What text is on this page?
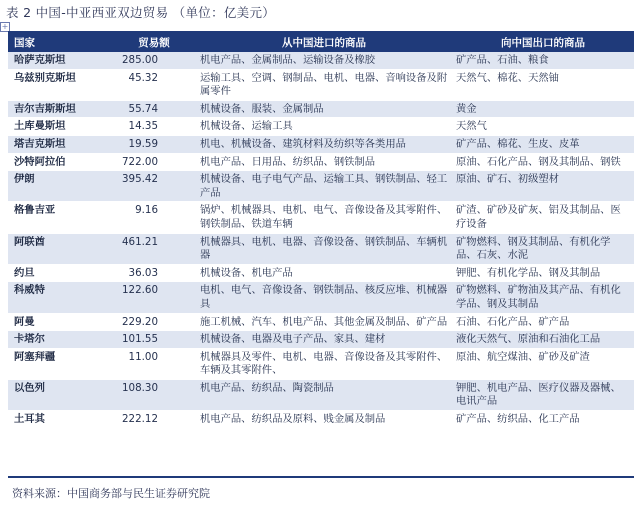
表 2 中国-中亚西亚双边贸易 （单位：亿美元）
+
国家	贸易额	从中国进口的商品	向中国出口的商品
哈萨克斯坦	285.00	机电产品、金属制品、运输设备及橡胶	矿产品、石油、粮食
乌兹别克斯坦	45.32	运输工具、空调、钢制品、电机、电器、音响设备及附属零件	天然气、棉花、天然铀
吉尔吉斯斯坦	55.74	机械设备、服装、金属制品	黄金
土库曼斯坦	14.35	机械设备、运输工具	天然气
塔吉克斯坦	19.59	机电、机械设备、建筑材料及纺织等各类用品	矿产品、棉花、生皮、皮革
沙特阿拉伯	722.00	机电产品、日用品、纺织品、钢铁制品	原油、石化产品、钢及其制品、钢铁
伊朗	395.42	机械设备、电子电气产品、运输工具、钢铁制品、轻工产品	原油、矿石、初级塑材
格鲁吉亚	9.16	锅炉、机械器具、电机、电气、音像设备及其零附件、钢铁制品、铁道车辆	矿渣、矿砂及矿灰、铝及其制品、医疗设备
阿联酋	461.21	机械器具、电机、电器、音像设备、钢铁制品、车辆机器	矿物燃料、钢及其制品、有机化学品、石灰、水泥
约旦	36.03	机械设备、机电产品	钾肥、有机化学品、钢及其制品
科威特	122.60	电机、电气、音像设备、钢铁制品、核反应堆、机械器具	矿物燃料、矿物油及其产品、有机化学品、钢及其制品
阿曼	229.20	施工机械、汽车、机电产品、其他金属及制品、矿产品	石油、石化产品、矿产品
卡塔尔	101.55	机械设备、电器及电子产品、家具、建材	液化天然气、原油和石油化工品
阿塞拜疆	11.00	机械器具及零件、电机、电器、音像设备及其零附件、车辆及其零附件、	原油、航空煤油、矿砂及矿渣
以色列	108.30	机电产品、纺织品、陶瓷制品	钾肥、机电产品、医疗仪器及器械、电讯产品
土耳其	222.12	机电产品、纺织品及原料、贱金属及制品	矿产品、纺织品、化工产品
资料来源：中国商务部与民生证券研究院
